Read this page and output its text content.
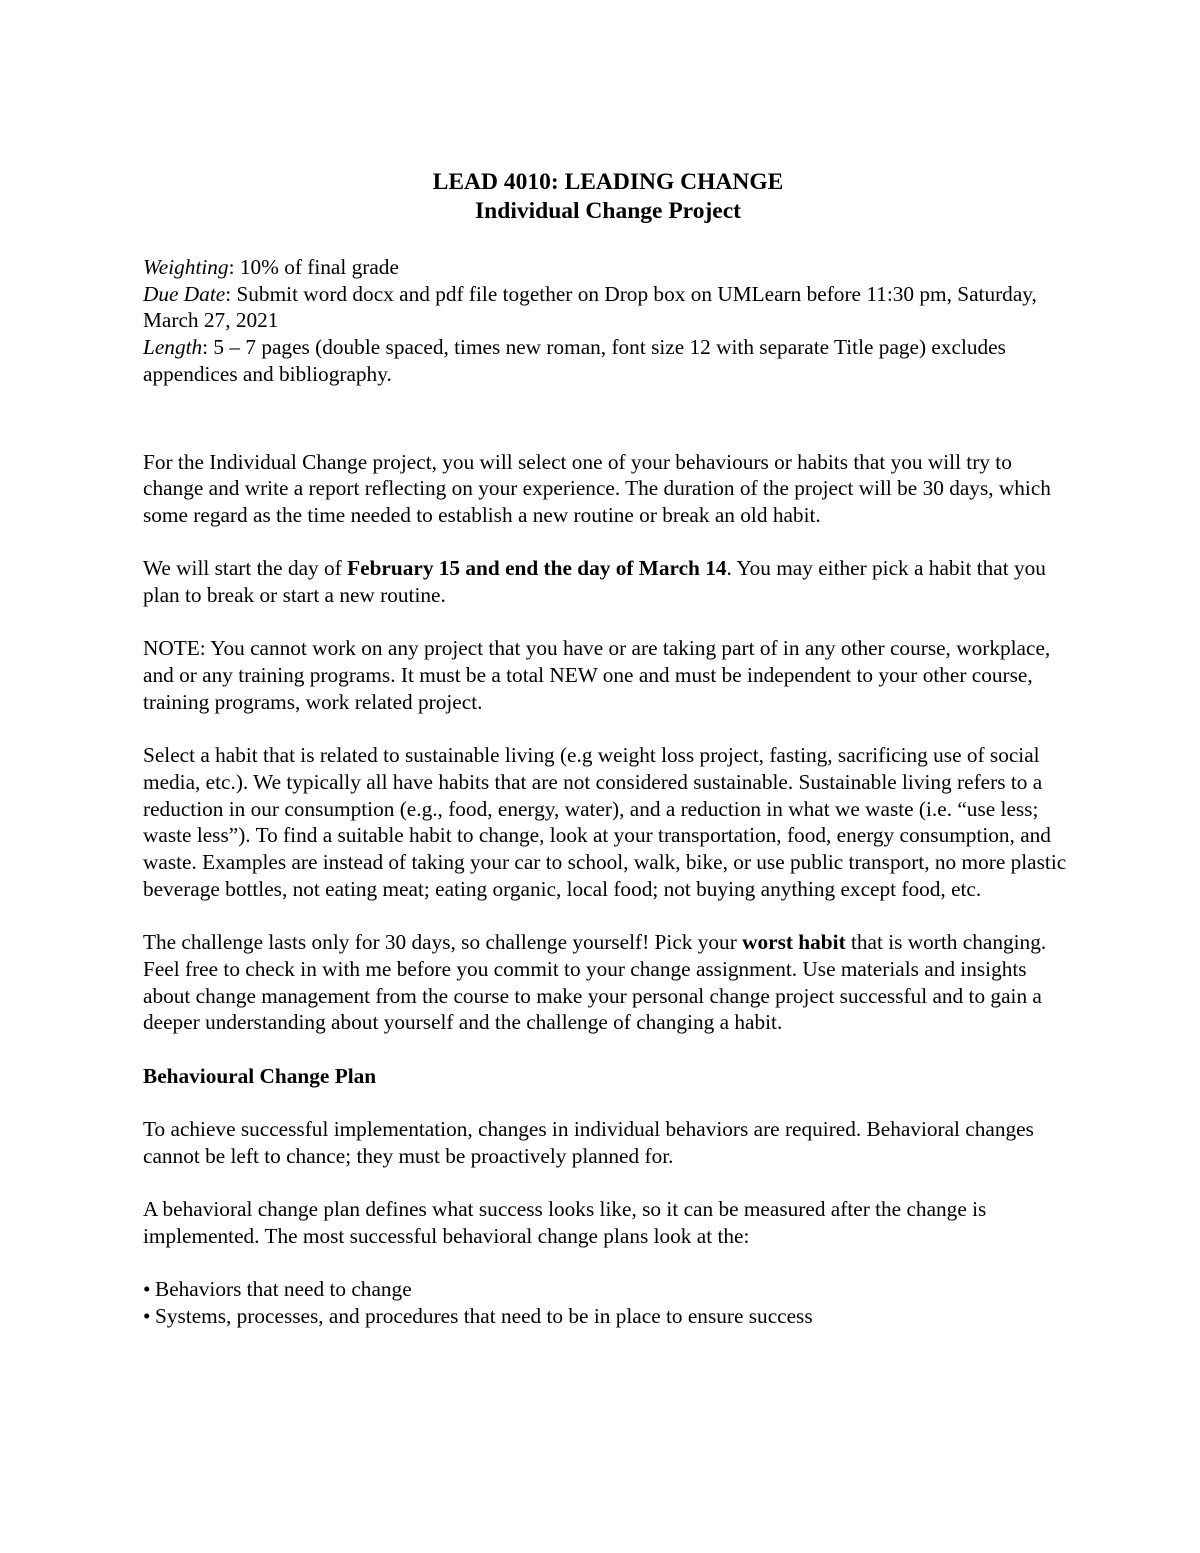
LEAD 4010: LEADING CHANGE
Individual Change Project

Weighting: 10% of final grade

Due Date: Submit word docx and pdf file together on Drop box on UMLearn before 11:30 pm, Saturday, March 27, 2021

Length: 5 – 7 pages (double spaced, times new roman, font size 12 with separate Title page) excludes appendices and bibliography.

For the Individual Change project, you will select one of your behaviours or habits that you will try to change and write a report reflecting on your experience. The duration of the project will be 30 days, which some regard as the time needed to establish a new routine or break an old habit.

We will start the day of February 15 and end the day of March 14. You may either pick a habit that you plan to break or start a new routine.

NOTE: You cannot work on any project that you have or are taking part of in any other course, workplace, and or any training programs. It must be a total NEW one and must be independent to your other course, training programs, work related project.

Select a habit that is related to sustainable living (e.g weight loss project, fasting, sacrificing use of social media, etc.). We typically all have habits that are not considered sustainable. Sustainable living refers to a reduction in our consumption (e.g., food, energy, water), and a reduction in what we waste (i.e. “use less; waste less”). To find a suitable habit to change, look at your transportation, food, energy consumption, and waste. Examples are instead of taking your car to school, walk, bike, or use public transport, no more plastic beverage bottles, not eating meat; eating organic, local food; not buying anything except food, etc.

The challenge lasts only for 30 days, so challenge yourself! Pick your worst habit that is worth changing. Feel free to check in with me before you commit to your change assignment. Use materials and insights about change management from the course to make your personal change project successful and to gain a deeper understanding about yourself and the challenge of changing a habit.

Behavioural Change Plan

To achieve successful implementation, changes in individual behaviors are required. Behavioral changes cannot be left to chance; they must be proactively planned for.

A behavioral change plan defines what success looks like, so it can be measured after the change is implemented. The most successful behavioral change plans look at the:

• Behaviors that need to change
• Systems, processes, and procedures that need to be in place to ensure success
